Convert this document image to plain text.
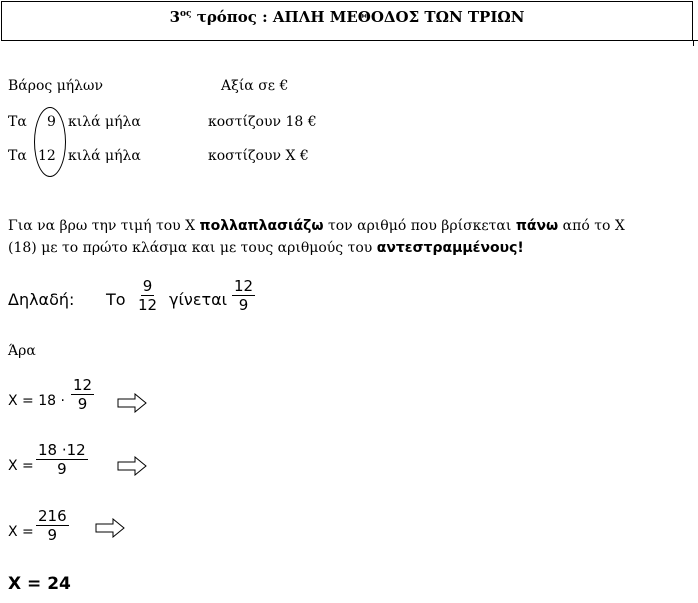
$3^{o\varsigma}$ τρόπος : ΑΠΛΗ ΜΕΘΟΔΟΣ ΤΩΝ ΤΡΙΩΝ
Βάρος μήλων	Αξία σε €
Τα 9 κιλά μήλα	κοστίζουν 18 €
Τα 12 κιλά μήλα	κοστίζουν Χ €
Για να βρω την τιμή του Χ πολλαπλασιάζω τον αριθμό που βρίσκεται πάνω από το Χ
(18) με το πρώτο κλάσμα και με τους αριθμούς του αντεστραμμένους!
Δηλαδή: Το $\frac{9}{12}$ γίνεται $\frac{12}{9}$
Άρα
$X = 18 \cdot \frac{12}{9}$
$X = \frac{18 \cdot 12}{9}$
$X = \frac{216}{9}$
X = 24
